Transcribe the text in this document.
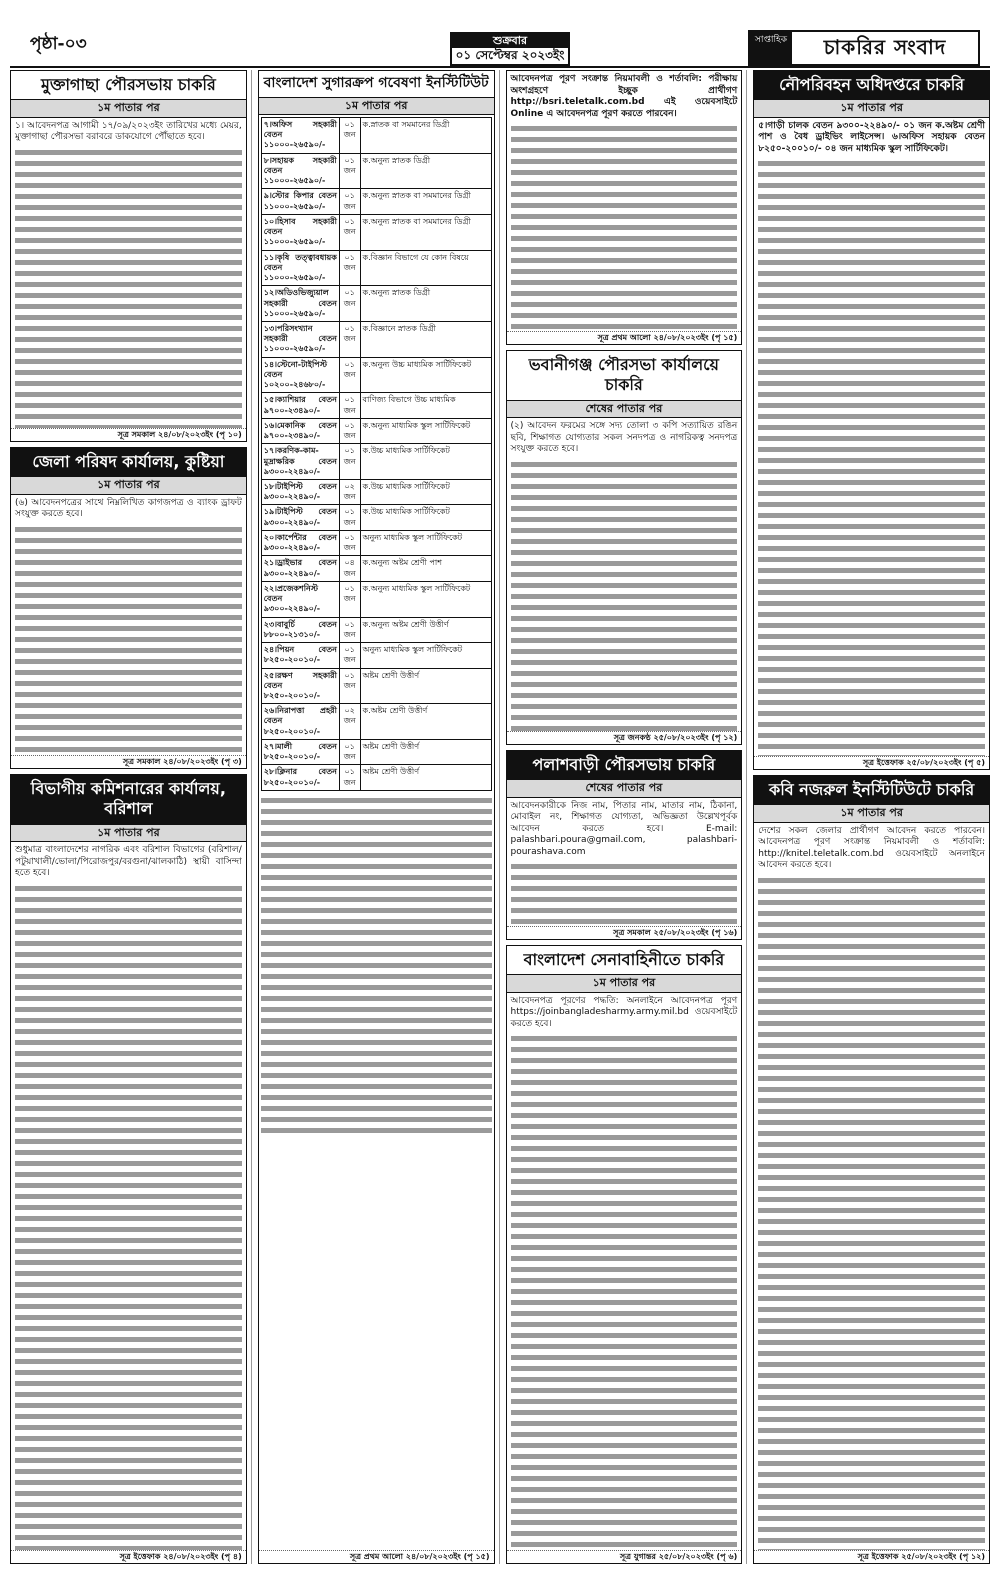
পৃষ্ঠা-০৩	শুক্রবার
০১ সেপ্টেম্বর ২০২৩ইং
সাপ্তাহিক	চাকরির সংবাদ
মুক্তাগাছা পৌরসভায় চাকরি
১ম পাতার পর
১। আবেদনপত্র আগামী ১৭/০৯/২০২৩ইং তারিখের মধ্যে মেয়র, মুক্তাগাছা পৌরসভা বরাবরে ডাকযোগে পৌঁছাতে হবে।
সূত্র সমকাল ২৪/০৮/২০২৩ইং (পৃ ১০)
জেলা পরিষদ কার্যালয়, কুষ্টিয়া
১ম পাতার পর
(৬) আবেদনপত্রের সাথে নিম্নলিখিত কাগজপত্র ও ব্যাংক ড্রাফট সংযুক্ত করতে হবে।
সূত্র সমকাল ২৪/০৮/২০২৩ইং (পৃ ৩)
বিভাগীয় কমিশনারের কার্যালয়, বরিশাল
১ম পাতার পর
শুধুমাত্র বাংলাদেশের নাগরিক এবং বরিশাল বিভাগের (বরিশাল/পটুয়াখালী/ভোলা/পিরোজপুর/বরগুনা/ঝালকাঠি) স্থায়ী বাসিন্দা হতে হবে।
সূত্র ইত্তেফাক ২৪/০৮/২০২৩ইং (পৃ ৪)
বাংলাদেশ সুগারক্রপ গবেষণা ইনস্টিটিউট
১ম পাতার পর
৭।অফিস সহকারী বেতন ১১০০০-২৬৫৯০/-	০১ জন	ক.স্নাতক বা সমমানের ডিগ্রী
৮।সহায়ক সহকারী বেতন ১১০০০-২৬৫৯০/-	০১ জন	ক.অনুন্য স্নাতক ডিগ্রী
৯।স্টোর কিপার বেতন ১১০০০-২৬৫৯০/-	০১ জন	ক.অনুন্য স্নাতক বা সমমানের ডিগ্রী
১০।হিসাব সহকারী বেতন ১১০০০-২৬৫৯০/-	০১ জন	ক.অনুন্য স্নাতক বা সমমানের ডিগ্রী
১১।কৃষি তত্ত্বাবধায়ক বেতন ১১০০০-২৬৫৯০/-	০১ জন	ক.বিজ্ঞান বিভাগে যে কোন বিষয়ে
১২।অডিওভিজ্যুয়াল সহকারী বেতন ১১০০০-২৬৫৯০/-	০১ জন	ক.অনুন্য স্নাতক ডিগ্রী
১৩।পরিসংখ্যান সহকারী বেতন ১১০০০-২৬৫৯০/-	০১ জন	ক.বিজ্ঞানে স্নাতক ডিগ্রী
১৪।স্টেনো-টাইপিস্ট বেতন ১০২০০-২৪৬৮০/-	০১ জন	ক.অনুন্য উচ্চ মাধ্যমিক সার্টিফিকেট
১৫।ক্যাশিয়ার বেতন ৯৭০০-২৩৪৯০/-	০১ জন	বাণিজ্য বিভাগে উচ্চ মাধ্যমিক
১৬।মেকানিক বেতন ৯৭০০-২৩৪৯০/-	০১ জন	ক.অনুন্য মাধ্যমিক স্কুল সার্টিফিকেট
১৭।করণিক-কাম-মুদ্রাক্ষরিক বেতন ৯৩০০-২২৪৯০/-	০১ জন	ক.উচ্চ মাধ্যমিক সার্টিফিকেট
১৮।টাইপিস্ট বেতন ৯৩০০-২২৪৯০/-	০২ জন	ক.উচ্চ মাধ্যমিক সার্টিফিকেট
১৯।টাইপিস্ট বেতন ৯৩০০-২২৪৯০/-	০১ জন	ক.উচ্চ মাধ্যমিক সার্টিফিকেট
২০।কার্পেন্টার বেতন ৯৩০০-২২৪৯০/-	০১ জন	অনুন্য মাধ্যমিক স্কুল সার্টিফিকেট
২১।ড্রাইভার বেতন ৯৩০০-২২৪৯০/-	০৪ জন	ক.অনুন্য অষ্টম শ্রেণী পাশ
২২।প্রজেকশনিস্ট বেতন ৯৩০০-২২৪৯০/-	০১ জন	ক.অনুন্য মাধ্যমিক স্কুল সার্টিফিকেট
২৩।বাবুর্চি বেতন ৮৮০০-২১৩১০/-	০১ জন	ক.অনুন্য অষ্টম শ্রেণী উত্তীর্ণ
২৪।পিয়ন বেতন ৮২৫০-২০০১০/-	০১ জন	অনুন্য মাধ্যমিক স্কুল সার্টিফিকেট
২৫।রক্ষণ সহকারী বেতন ৮২৫০-২০০১০/-	০১ জন	অষ্টম শ্রেণী উত্তীর্ণ
২৬।নিরাপত্তা প্রহরী বেতন ৮২৫০-২০০১০/-	০২ জন	ক.অষ্টম শ্রেণী উত্তীর্ণ
২৭।মালী বেতন ৮২৫০-২০০১০/-	০১ জন	অষ্টম শ্রেণী উত্তীর্ণ
২৮।ক্লিনার বেতন ৮২৫০-২০০১০/-	০১ জন	অষ্টম শ্রেণী উত্তীর্ণ
সূত্র প্রথম আলো ২৪/০৮/২০২৩ইং (পৃ ১৫)
আবেদনপত্র পূরণ সংক্রান্ত নিয়মাবলী ও শর্তাবলি: পরীক্ষায় অংশগ্রহণে ইচ্ছুক প্রার্থীগণ http://bsri.teletalk.com.bd এই ওয়েবসাইটে Online এ আবেদনপত্র পূরণ করতে পারবেন।
সূত্র প্রথম আলো ২৪/০৮/২০২৩ইং (পৃ ১৫)
ভবানীগঞ্জ পৌরসভা কার্যালয়ে চাকরি
শেষের পাতার পর
(২) আবেদন ফরমের সঙ্গে সদ্য তোলা ৩ কপি সত্যায়িত রঙিন ছবি, শিক্ষাগত যোগ্যতার সকল সনদপত্র ও নাগরিকত্ব সনদপত্র সংযুক্ত করতে হবে।
সূত্র জনকণ্ঠ ২৫/০৮/২০২৩ইং (পৃ ১২)
পলাশবাড়ী পৌরসভায় চাকরি
শেষের পাতার পর
আবেদনকারীকে নিজ নাম, পিতার নাম, মাতার নাম, ঠিকানা, মোবাইল নং, শিক্ষাগত যোগ্যতা, অভিজ্ঞতা উল্লেখপূর্বক আবেদন করতে হবে। E-mail: palashbari.poura@gmail.com, palashbari-pourashava.com
সূত্র সমকাল ২৫/০৮/২০২৩ইং (পৃ ১৬)
বাংলাদেশ সেনাবাহিনীতে চাকরি
১ম পাতার পর
আবেদনপত্র পূরণের পদ্ধতি: অনলাইনে আবেদনপত্র পূরণ https://joinbangladesharmy.army.mil.bd ওয়েবসাইটে করতে হবে।
সূত্র যুগান্তর ২৫/০৮/২০২৩ইং (পৃ ৬)
নৌপরিবহন অধিদপ্তরে চাকরি
১ম পাতার পর
৫।গাড়ী চালক বেতন ৯৩০০-২২৪৯০/- ০১ জন ক.অষ্টম শ্রেণী পাশ ও বৈধ ড্রাইভিং লাইসেন্স। ৬।অফিস সহায়ক বেতন ৮২৫০-২০০১০/- ০৪ জন মাধ্যমিক স্কুল সার্টিফিকেট।
সূত্র ইত্তেফাক ২৫/০৮/২০২৩ইং (পৃ ৫)
কবি নজরুল ইনস্টিটিউটে চাকরি
১ম পাতার পর
দেশের সকল জেলার প্রার্থীগণ আবেদন করতে পারবেন। আবেদনপত্র পূরণ সংক্রান্ত নিয়মাবলী ও শর্তাবলি: http://knitel.teletalk.com.bd ওয়েবসাইটে অনলাইনে আবেদন করতে হবে।
সূত্র ইত্তেফাক ২৫/০৮/২০২৩ইং (পৃ ১২)
